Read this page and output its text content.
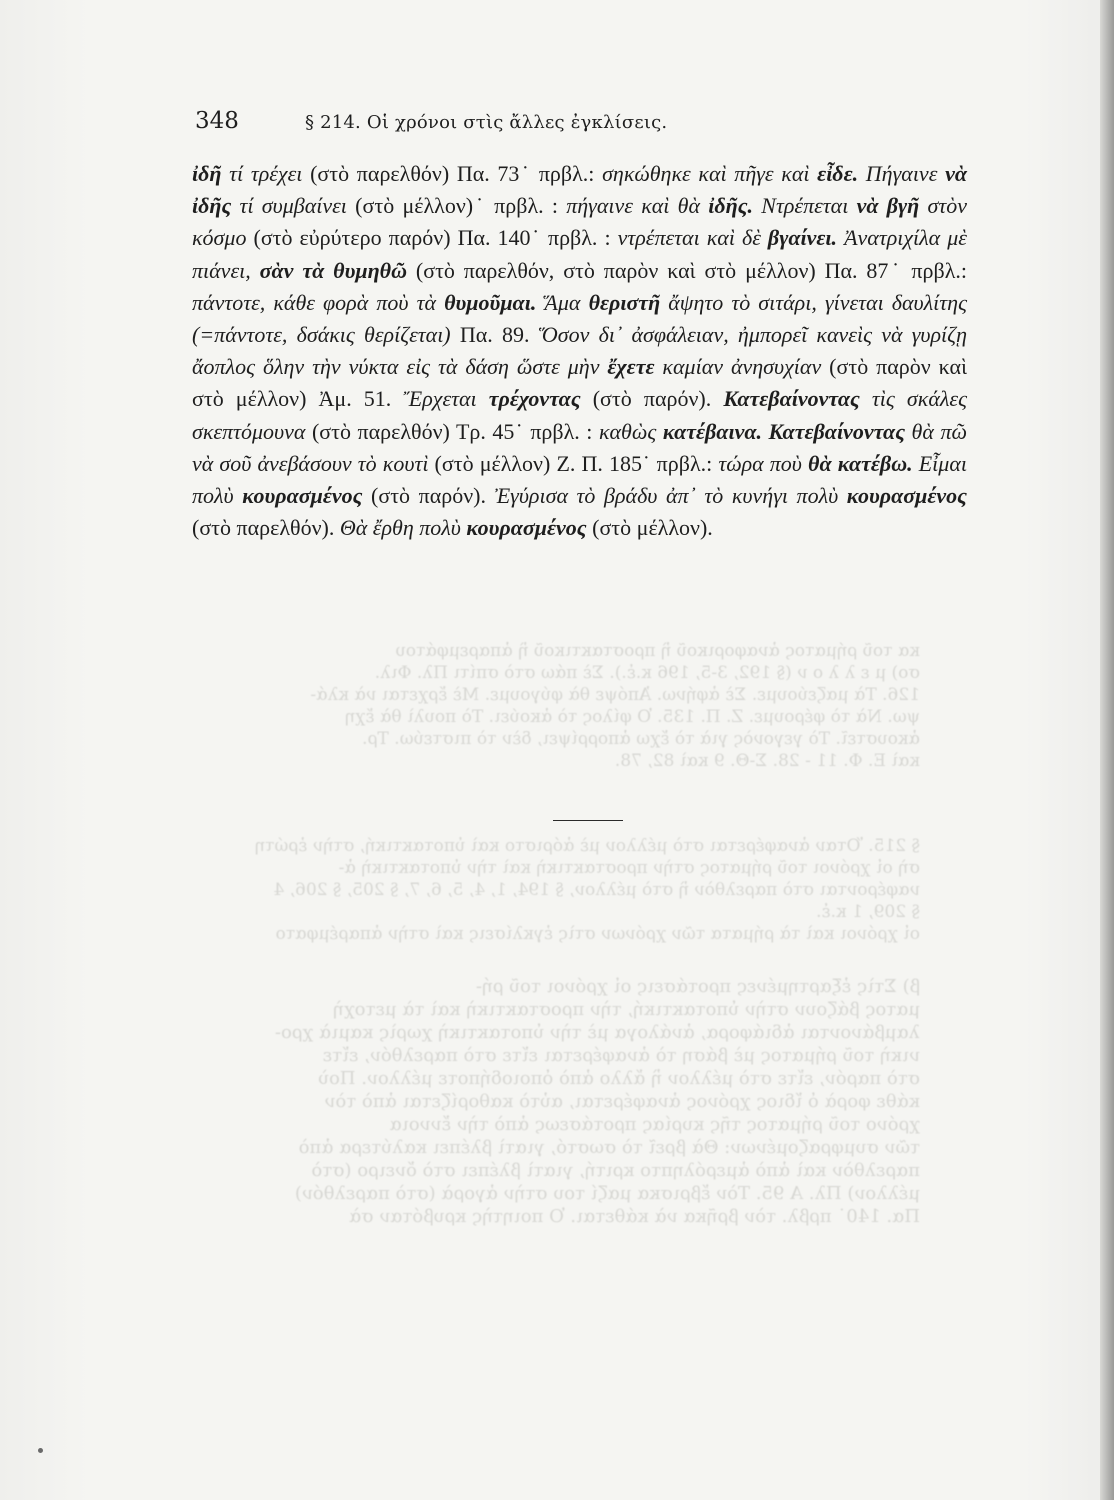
κα τοῦ ρήματος ἀναφορικοῦ ἢ προστακτικοῦ ἢ ἀπαρεμφάτου

σο) μ ε λ λ ο ν (§ 192, 3-5, 196 κ.ἑ.). Σὲ πάω στὸ σπίτι Πλ. Φιλ.

126. Τὰ μαζεύουμε. Σὲ ἀφήνω. Ἀπόψε θὰ φύγουμε. Μὲ ἔρχεται νὰ κλά-

ψω. Νὰ τὸ φέρουμε. Ζ. Π. 135. Ὁ φίλος τὸ ἀκούει. Τὸ πουλὶ θὰ ἔχη

ἀκουστεῖ. Τὸ γεγονὸς γιὰ τὸ ἔχω ἀπορρίψει, δὲν τὸ πιστεύω. Τρ.

καὶ Ε. Φ. 11 - 28. Σ-Θ. 9 καὶ 82, 78.

§ 215. Ὅταν ἀναφέρεται στὸ μέλλον μὲ ἀόριστο καὶ ὑποτακτική, στὴν ἐρώτη

σὴ οἱ χρόνοι τοῦ ρήματος στὴν προστακτικὴ καὶ τὴν ὑποτακτικὴ ἀ-

ναφέρονται στὸ παρελθὸν ἢ στὸ μέλλον, § 194, 1, 4, 5, 6, 7, § 205, § 206, 4

§ 209, 1 κ.ἑ.

οἱ χρόνοι καὶ τὰ ρήματα τῶν χρόνων στὶς ἐγκλίσεις καὶ στὴν ἀπαρέμφατο

β) Στὶς ἐξαρτημένες προτάσεις οἱ χρόνοι τοῦ ρή-

ματος βάζουν στὴν ὑποτακτική, τὴν προστακτικὴ καὶ τὰ μετοχὴ

λαμβάνονται ἀδιάφορα, ἀνάλογα μὲ τὴν ὑποτακτικὴ χωρὶς καμιὰ χρο-

νικὴ τοῦ ρήματος μὲ βάση τὸ ἀναφέρεται εἴτε στὸ παρελθόν, εἴτε

στὸ παρόν, εἴτε στὸ μέλλον ἢ ἄλλο ἀπὸ ὁποιοδήποτε μέλλον. Ποὺ

κάθε φορὰ ὁ ἴδιος χρόνος ἀναφέρεται, αὐτὸ καθορίζεται ἀπὸ τὸν

χρόνο τοῦ ρήματος τῆς κυρίας προτάσεως ἀπὸ τὴν ἔννοια

τῶν συμφραζομένων: Θὰ βρεῖ τὸ σωστό, γιατὶ βλέπει καλύτερα ἀπὸ

παρελθὸν καὶ ἀπὸ ἀμερόληπτο κριτή, γιατὶ βλέπει στὸ ὄνειρο (στὸ

μέλλον) Πλ. Α 95. Τὸν ἔβρισκα μαζί του στὴν ἀγορὰ (στὸ παρελθόν)

Πα. 140˙ πρβλ. τὸν βρῆκα νὰ κάθεται. Ὁ ποιητὴς κρυβόταν σὰ

348	§ 214. Οἱ χρόνοι στὶς ἄλλες ἐγκλίσεις.

ἰδῆ τί τρέχει (στὸ παρελθόν) Πα. 73˙ πρβλ.: σηκώθηκε καὶ πῆγε καὶ εἶδε. Πήγαινε νὰ ἰδῆς τί συμβαίνει (στὸ μέλλον)˙ πρβλ. : πήγαινε καὶ θὰ ἰδῆς. Ντρέπεται νὰ βγῆ στὸν κόσμο (στὸ εὐρύτερο παρόν) Πα. 140˙ πρβλ. : ντρέπεται καὶ δὲ βγαίνει. Ἀνατριχίλα μὲ πιάνει, σὰν τὰ θυμηθῶ (στὸ παρελθόν, στὸ παρὸν καὶ στὸ μέλλον) Πα. 87˙ πρβλ.: πάντοτε, κάθε φορὰ ποὺ τὰ θυμοῦμαι. Ἅμα θεριστῆ ἄψητο τὸ σιτάρι, γίνεται δαυλίτης (=πάντοτε, δσάκις θερίζεται) Πα. 89. Ὅσον δι᾽ ἀσφάλειαν, ἠμπορεῖ κανεὶς νὰ γυρίζῃ ἄοπλος ὅλην τὴν νύκτα εἰς τὰ δάση ὥστε μὴν ἔχετε καμίαν ἀνησυχίαν (στὸ παρὸν καὶ στὸ μέλλον) Ἀμ. 51. Ἔρχεται τρέχοντας (στὸ παρόν). Κατεβαίνοντας τὶς σκάλες σκεπτόμουνα (στὸ παρελθόν) Τρ. 45˙ πρβλ. : καθὼς κατέβαινα. Κατεβαίνοντας θὰ πῶ νὰ σοῦ ἀνεβάσουν τὸ κουτὶ (στὸ μέλλον) Ζ. Π. 185˙ πρβλ.: τώρα ποὺ θὰ κατέβω. Εἶμαι πολὺ κουρασμένος (στὸ παρόν). Ἐγύρισα τὸ βράδυ ἀπ᾽ τὸ κυνήγι πολὺ κουρασμένος (στὸ παρελθόν). Θὰ ἔρθη πολὺ κουρασμένος (στὸ μέλλον).
